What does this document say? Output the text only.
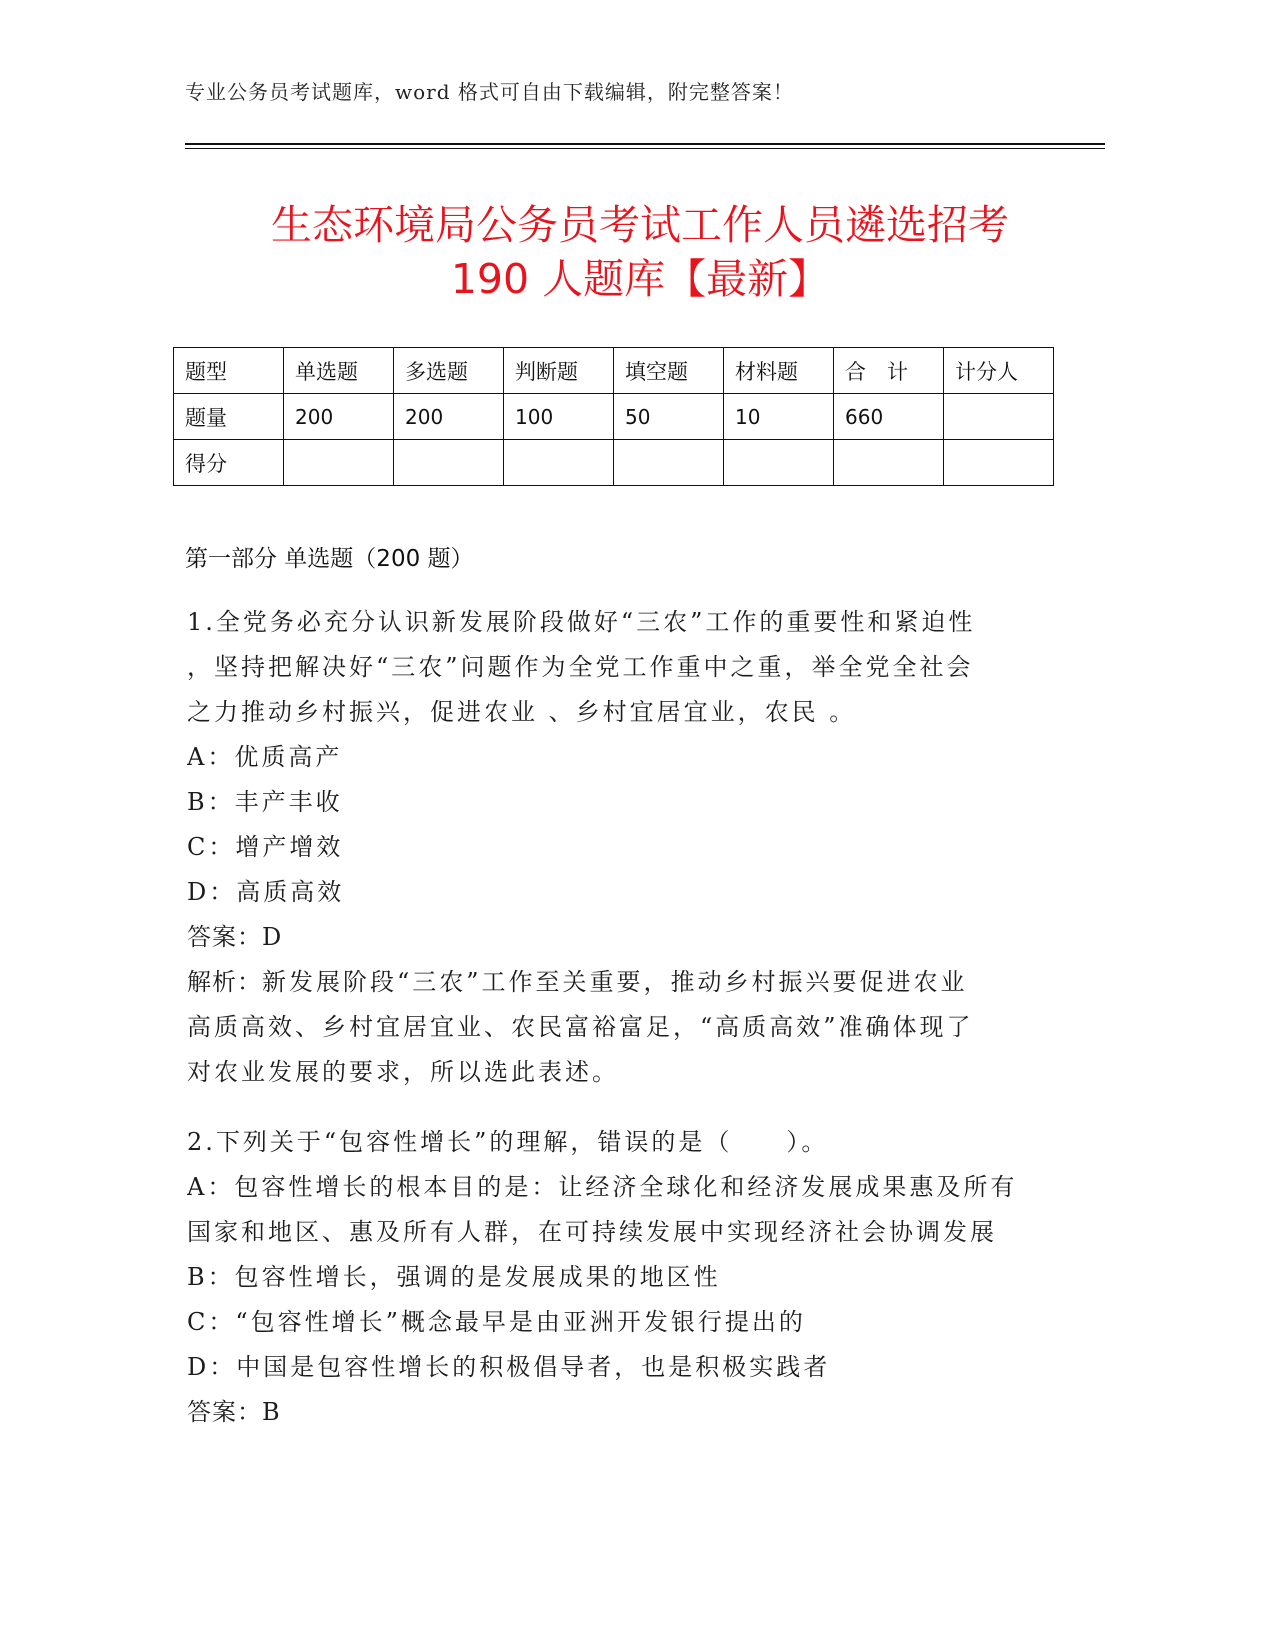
专业公务员考试题库，word 格式可自由下载编辑，附完整答案！
生态环境局公务员考试工作人员遴选招考
190 人题库【最新】
题型	单选题	多选题	判断题	填空题	材料题	合　计	计分人
题量	200	200	100	50	10	660	
得分							
第一部分 单选题（200 题）
1.全党务必充分认识新发展阶段做好“三农”工作的重要性和紧迫性
，坚持把解决好“三农”问题作为全党工作重中之重，举全党全社会
之力推动乡村振兴，促进农业 、乡村宜居宜业，农民 。
A：优质高产
B：丰产丰收
C：增产增效
D：高质高效
答案：D
解析：新发展阶段“三农”工作至关重要，推动乡村振兴要促进农业
高质高效、乡村宜居宜业、农民富裕富足，“高质高效”准确体现了
对农业发展的要求，所以选此表述。
2.下列关于“包容性增长”的理解，错误的是（　　）。
A：包容性增长的根本目的是：让经济全球化和经济发展成果惠及所有
国家和地区、惠及所有人群，在可持续发展中实现经济社会协调发展
B：包容性增长，强调的是发展成果的地区性
C：“包容性增长”概念最早是由亚洲开发银行提出的
D：中国是包容性增长的积极倡导者，也是积极实践者
答案：B
